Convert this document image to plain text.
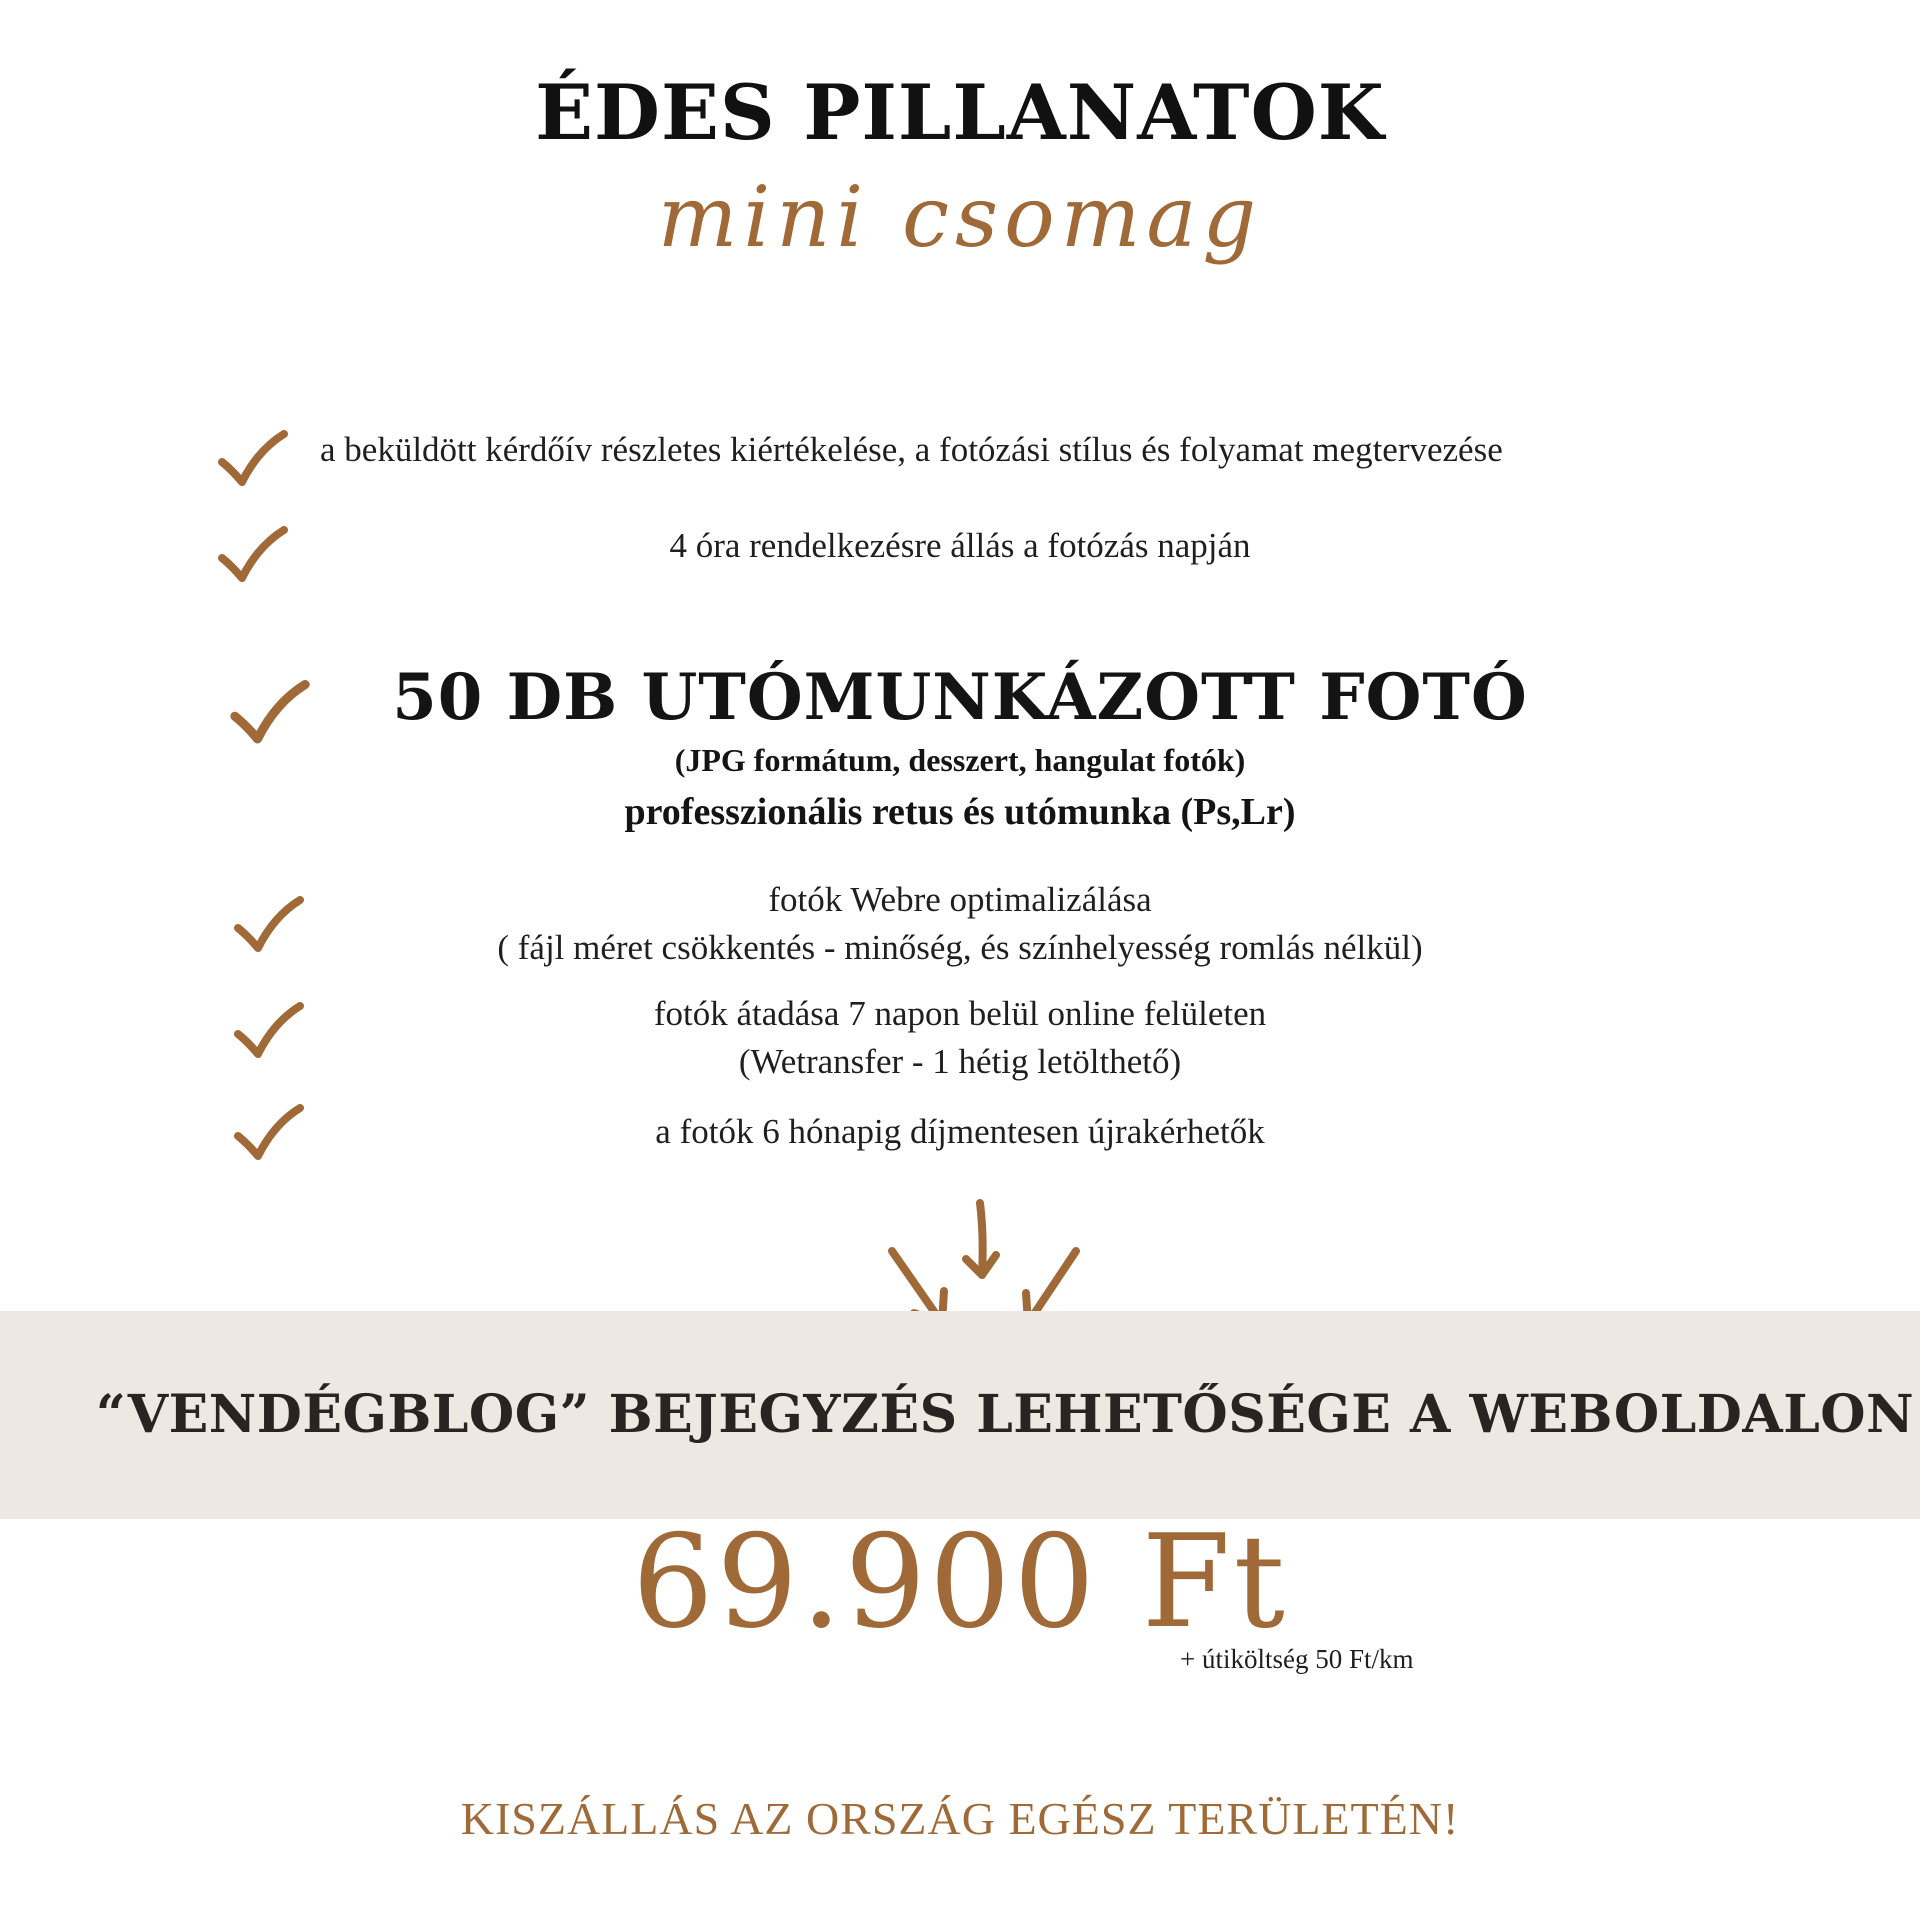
ÉDES PILLANATOK
mini csomag
a beküldött kérdőív részletes kiértékelése, a fotózási stílus és folyamat megtervezése
4 óra rendelkezésre állás a fotózás napján
50 DB UTÓMUNKÁZOTT FOTÓ
(JPG formátum, desszert, hangulat fotók)
professzionális retus és utómunka (Ps,Lr)
fotók Webre optimalizálása
( fájl méret csökkentés - minőség, és színhelyesség romlás nélkül)
fotók átadása 7 napon belül online felületen
(Wetransfer - 1 hétig letölthető)
a fotók 6 hónapig díjmentesen újrakérhetők
“VENDÉGBLOG” BEJEGYZÉS LEHETŐSÉGE A WEBOLDALON
69.900 Ft
+ útiköltség 50 Ft/km
KISZÁLLÁS AZ ORSZÁG EGÉSZ TERÜLETÉN!
